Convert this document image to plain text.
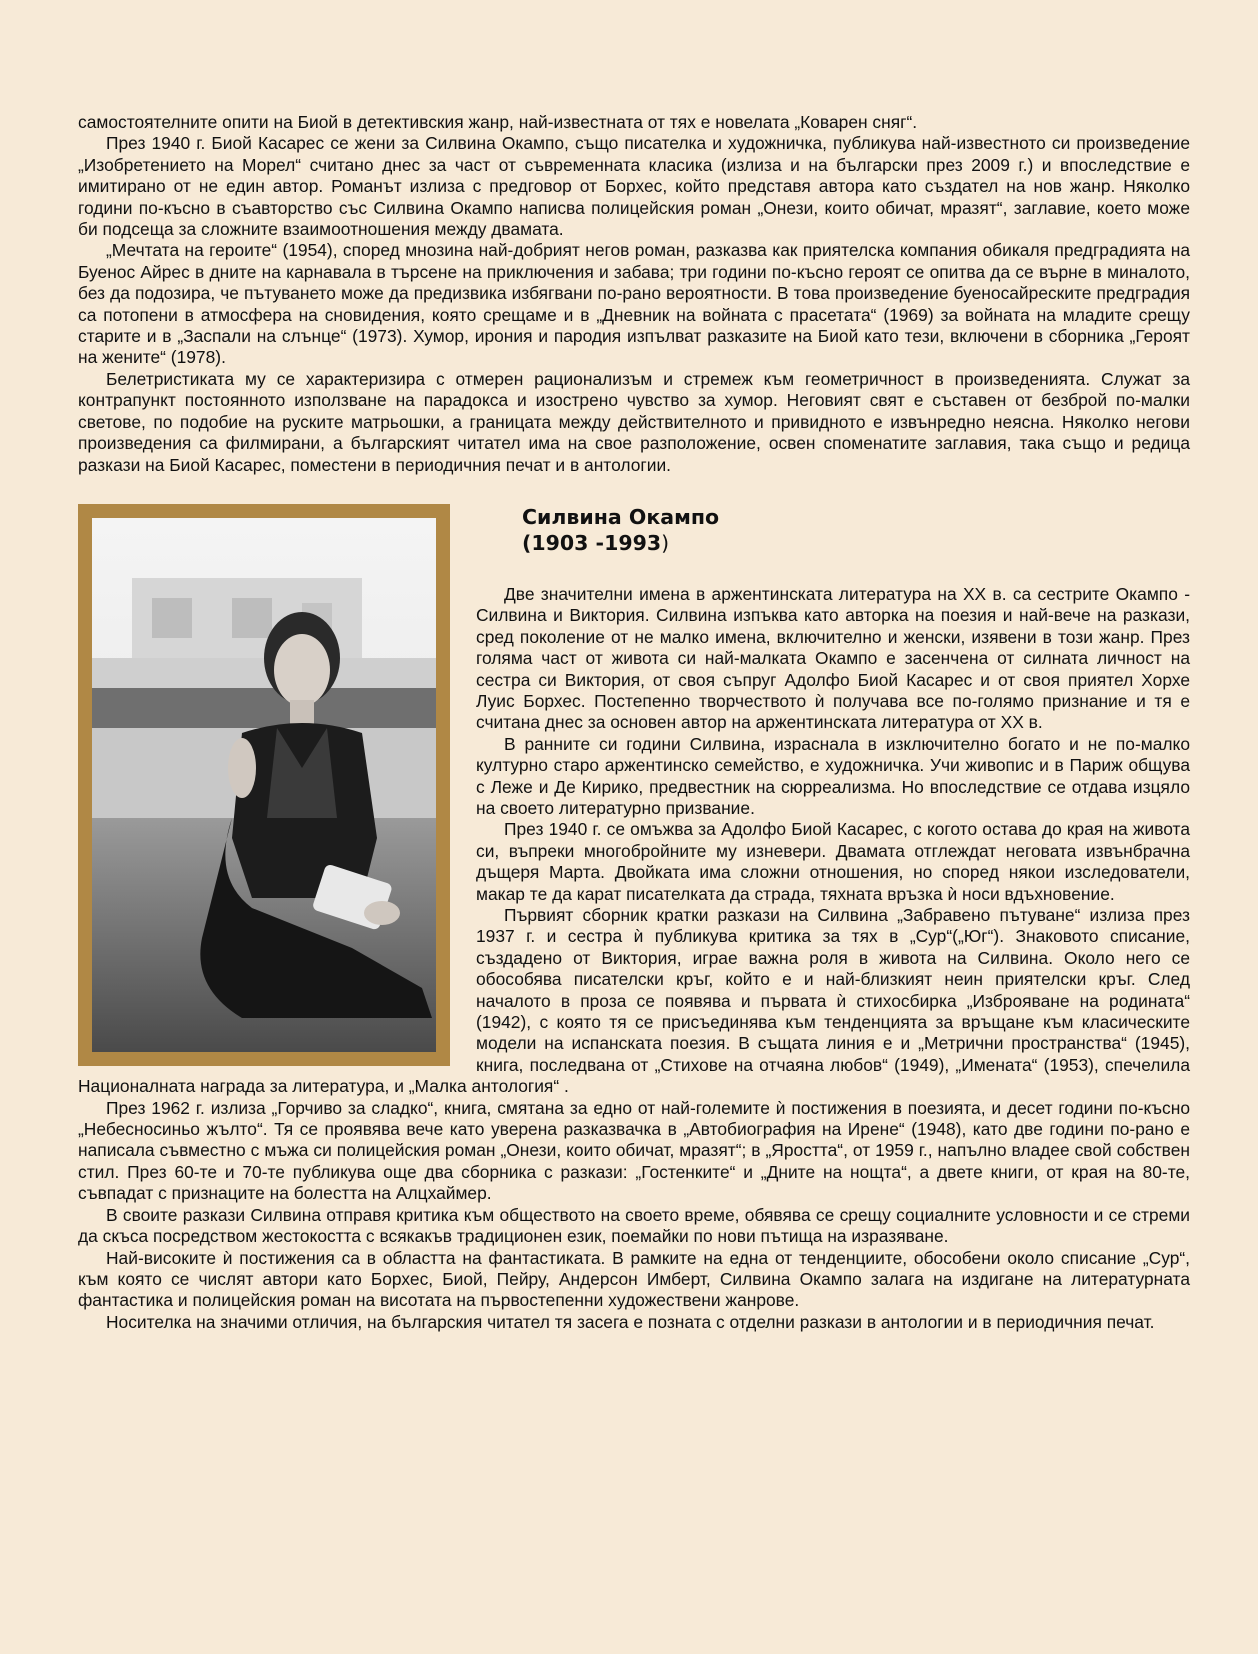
самостоятелните опити на Биой в детективския жанр, най-известната от тях е новелата „Коварен сняг“.

През 1940 г. Биой Касарес се жени за Силвина Окампо, също писателка и художничка, публикува най-известното си произведение „Изобретението на Морел“ считано днес за част от съвременната класика (излиза и на български през 2009 г.) и впоследствие е имитирано от не един автор. Романът излиза с предговор от Борхес, който представя автора като създател на нов жанр. Няколко години по-късно в съавторство със Силвина Окампо написва полицейския роман „Онези, които обичат, мразят“, заглавие, което може би подсеща за сложните взаимоотношения между двамата.

„Мечтата на героите“ (1954), според мнозина най-добрият негов роман, разказва как приятелска компания обикаля предградията на Буенос Айрес в дните на карнавала в търсене на приключения и забава; три години по-късно героят се опитва да се върне в миналото, без да подозира, че пътуването може да предизвика избягвани по-рано вероятности. В това произведение буеносайреските предградия са потопени в атмосфера на сновидения, която срещаме и в „Дневник на войната с прасетата“ (1969) за войната на младите срещу старите и в „Заспали на слънце“ (1973). Хумор, ирония и пародия изпълват разказите на Биой като тези, включени в сборника „Героят на жените“ (1978).

Белетристиката му се характеризира с отмерен рационализъм и стремеж към геометричност в произведенията. Служат за контрапункт постоянното използване на парадокса и изострено чувство за хумор. Неговият свят е съставен от безброй по-малки светове, по подобие на руските матрьошки, а границата между действителното и привидното е извънредно неясна. Няколко негови произведения са филмирани, а българският читател има на свое разположение, освен споменатите заглавия, така също и редица разкази на Биой Касарес, поместени в периодичния печат и в антологии.

Силвина Окампо
(1903 -1993)

Две значителни имена в аржентинската литература на ХХ в. са сестрите Окампо - Силвина и Виктория. Силвина изпъква като авторка на поезия и най-вече на разкази, сред поколение от не малко имена, включително и женски, изявени в този жанр. През голяма част от живота си най-малката Окампо е засенчена от силната личност на сестра си Виктория, от своя съпруг Адолфо Биой Касарес и от своя приятел Хорхе Луис Борхес. Постепенно творчеството ѝ получава все по-голямо признание и тя е считана днес за основен автор на аржентинската литература от ХХ в.

В ранните си години Силвина, израснала в изключително богато и не по-малко културно старо аржентинско семейство, е художничка. Учи живопис и в Париж общува с Леже и Де Кирико, предвестник на сюрреализма. Но впоследствие се отдава изцяло на своето литературно призвание.

През 1940 г. се омъжва за Адолфо Биой Касарес, с когото остава до края на живота си, въпреки многобройните му изневери. Двамата отглеждат неговата извънбрачна дъщеря Марта. Двойката има сложни отношения, но според някои изследователи, макар те да карат писателката да страда, тяхната връзка ѝ носи вдъхновение.

Първият сборник кратки разкази на Силвина „Забравено пътуване“ излиза през 1937 г. и сестра ѝ публикува критика за тях в „Сур“(„Юг“). Знаковото списание, създадено от Виктория, играе важна роля в живота на Силвина. Около него се обособява писателски кръг, който е и най-близкият неин приятелски кръг. След началото в проза се появява и първата ѝ стихосбирка „Изброяване на родината“ (1942), с която тя се присъединява към тенденцията за връщане към класическите модели на испанската поезия. В същата линия е и „Метрични пространства“ (1945), книга, последвана от „Стихове на отчаяна любов“ (1949), „Имената“ (1953), спечелила Националната награда за литература, и „Малка антология“ .

През 1962 г. излиза „Горчиво за сладко“, книга, смятана за едно от най-големите ѝ постижения в поезията, и десет години по-късно „Небесносиньо жълто“. Тя се проявява вече като уверена разказвачка в „Автобиография на Ирене“ (1948), като две години по-рано е написала съвместно с мъжа си полицейския роман „Онези, които обичат, мразят“; в „Яростта“, от 1959 г., напълно владее свой собствен стил. През 60-те и 70-те публикува още два сборника с разкази: „Гостенките“ и „Дните на нощта“, а двете книги, от края на 80-те, съвпадат с признаците на болестта на Алцхаймер.

В своите разкази Силвина отправя критика към обществото на своето време, обявява се срещу социалните условности и се стреми да скъса посредством жестокостта с всякакъв традиционен език, поемайки по нови пътища на изразяване.

Най-високите ѝ постижения са в областта на фантастиката. В рамките на една от тенденциите, обособени около списание „Сур“, към която се числят автори като Борхес, Биой, Пейру, Андерсон Имберт, Силвина Окампо залага на издигане на литературната фантастика и полицейския роман на висотата на първостепенни художествени жанрове.

Носителка на значими отличия, на българския читател тя засега е позната с отделни разкази в антологии и в периодичния печат.
